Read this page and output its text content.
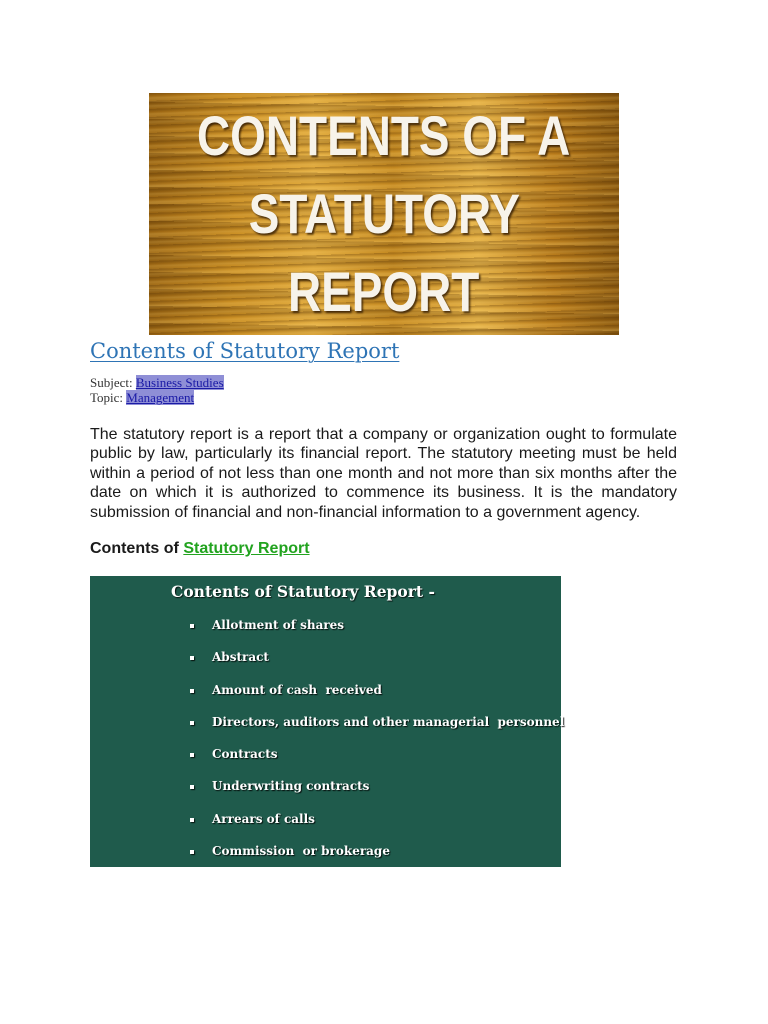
CONTENTS OF A
STATUTORY
REPORT
Contents of Statutory Report
Subject: Business Studies
Topic: Management

The statutory report is a report that a company or organization ought to formulate public by law, particularly its financial report. The statutory meeting must be held within a period of not less than one month and not more than six months after the date on which it is authorized to commence its business. It is the mandatory submission of financial and non-financial information to a government agency.

Contents of Statutory Report
Contents of Statutory Report -
Allotment of shares
Abstract
Amount of cash  received
Directors, auditors and other managerial  personnel
Contracts
Underwriting contracts
Arrears of calls
Commission  or brokerage
